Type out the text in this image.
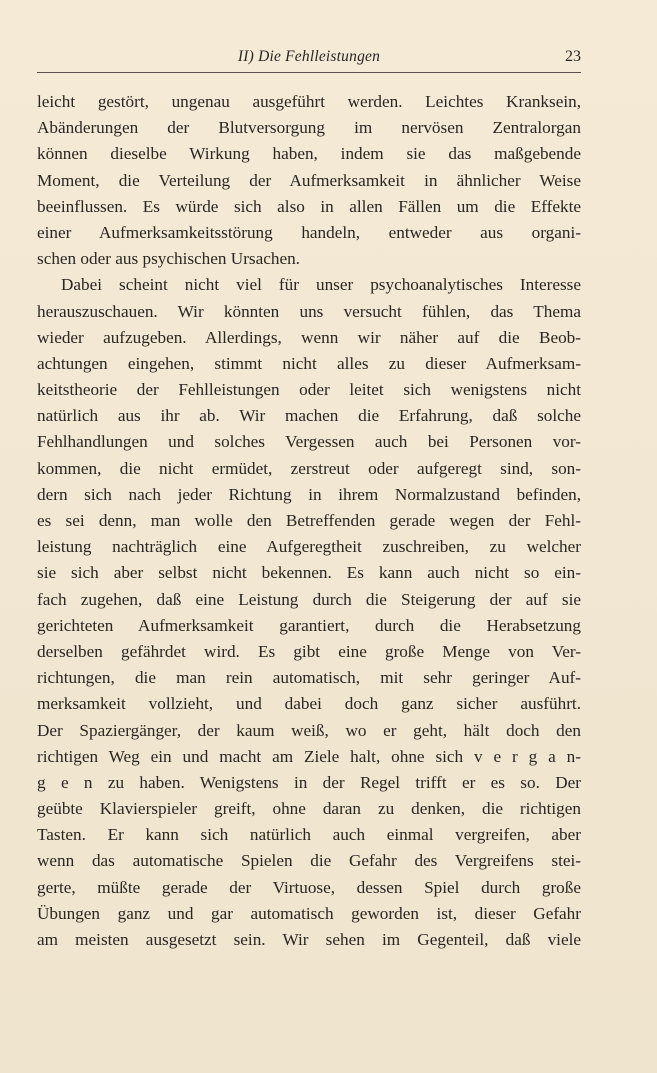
II) Die Fehlleistungen	23
leicht gestört, ungenau ausgeführt werden. Leichtes Kranksein,
Abänderungen der Blutversorgung im nervösen Zentralorgan
können dieselbe Wirkung haben, indem sie das maßgebende
Moment, die Verteilung der Aufmerksamkeit in ähnlicher Weise
beeinflussen. Es würde sich also in allen Fällen um die Effekte
einer Aufmerksamkeitsstörung handeln, entweder aus organi-
schen oder aus psychischen Ursachen.
Dabei scheint nicht viel für unser psychoanalytisches Interesse
herauszuschauen. Wir könnten uns versucht fühlen, das Thema
wieder aufzugeben. Allerdings, wenn wir näher auf die Beob-
achtungen eingehen, stimmt nicht alles zu dieser Aufmerksam-
keitstheorie der Fehlleistungen oder leitet sich wenigstens nicht
natürlich aus ihr ab. Wir machen die Erfahrung, daß solche
Fehlhandlungen und solches Vergessen auch bei Personen vor-
kommen, die nicht ermüdet, zerstreut oder aufgeregt sind, son-
dern sich nach jeder Richtung in ihrem Normalzustand befinden,
es sei denn, man wolle den Betreffenden gerade wegen der Fehl-
leistung nachträglich eine Aufgeregtheit zuschreiben, zu welcher
sie sich aber selbst nicht bekennen. Es kann auch nicht so ein-
fach zugehen, daß eine Leistung durch die Steigerung der auf sie
gerichteten Aufmerksamkeit garantiert, durch die Herabsetzung
derselben gefährdet wird. Es gibt eine große Menge von Ver-
richtungen, die man rein automatisch, mit sehr geringer Auf-
merksamkeit vollzieht, und dabei doch ganz sicher ausführt.
Der Spaziergänger, der kaum weiß, wo er geht, hält doch den
richtigen Weg ein und macht am Ziele halt, ohne sich v e r g a n-
g e n zu haben. Wenigstens in der Regel trifft er es so. Der
geübte Klavierspieler greift, ohne daran zu denken, die richtigen
Tasten. Er kann sich natürlich auch einmal vergreifen, aber
wenn das automatische Spielen die Gefahr des Vergreifens stei-
gerte, müßte gerade der Virtuose, dessen Spiel durch große
Übungen ganz und gar automatisch geworden ist, dieser Gefahr
am meisten ausgesetzt sein. Wir sehen im Gegenteil, daß viele
